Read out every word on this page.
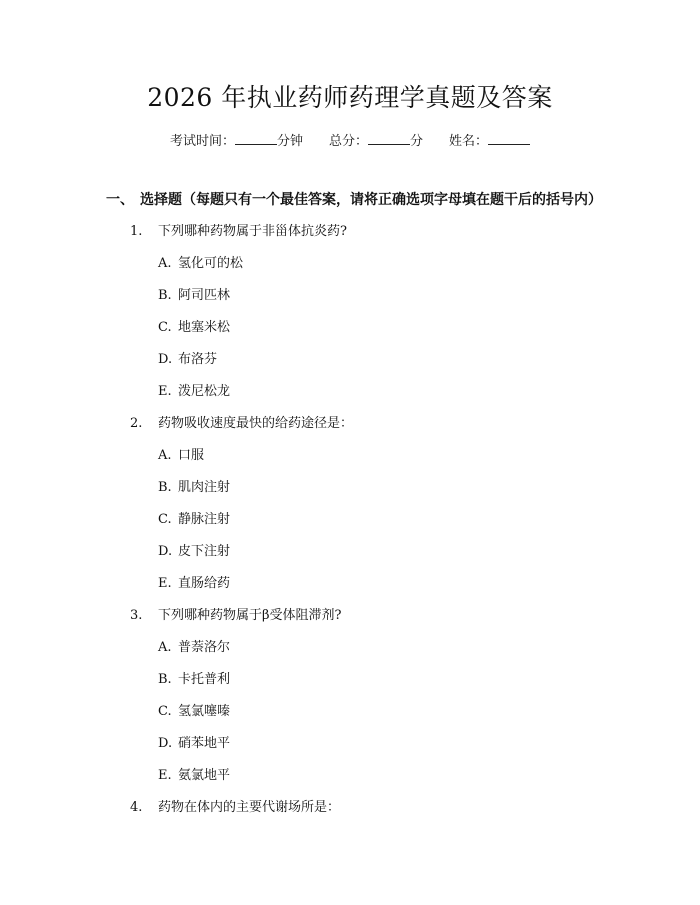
2026 年执业药师药理学真题及答案
考试时间：	分钟 总分：	分 姓名：
一、 选择题（每题只有一个最佳答案，请将正确选项字母填在题干后的括号内）
1. 下列哪种药物属于非甾体抗炎药?
A. 氢化可的松
B. 阿司匹林
C. 地塞米松
D. 布洛芬
E. 泼尼松龙
2. 药物吸收速度最快的给药途径是：
A. 口服
B. 肌肉注射
C. 静脉注射
D. 皮下注射
E. 直肠给药
3. 下列哪种药物属于β受体阻滞剂?
A. 普萘洛尔
B. 卡托普利
C. 氢氯噻嗪
D. 硝苯地平
E. 氨氯地平
4. 药物在体内的主要代谢场所是：
